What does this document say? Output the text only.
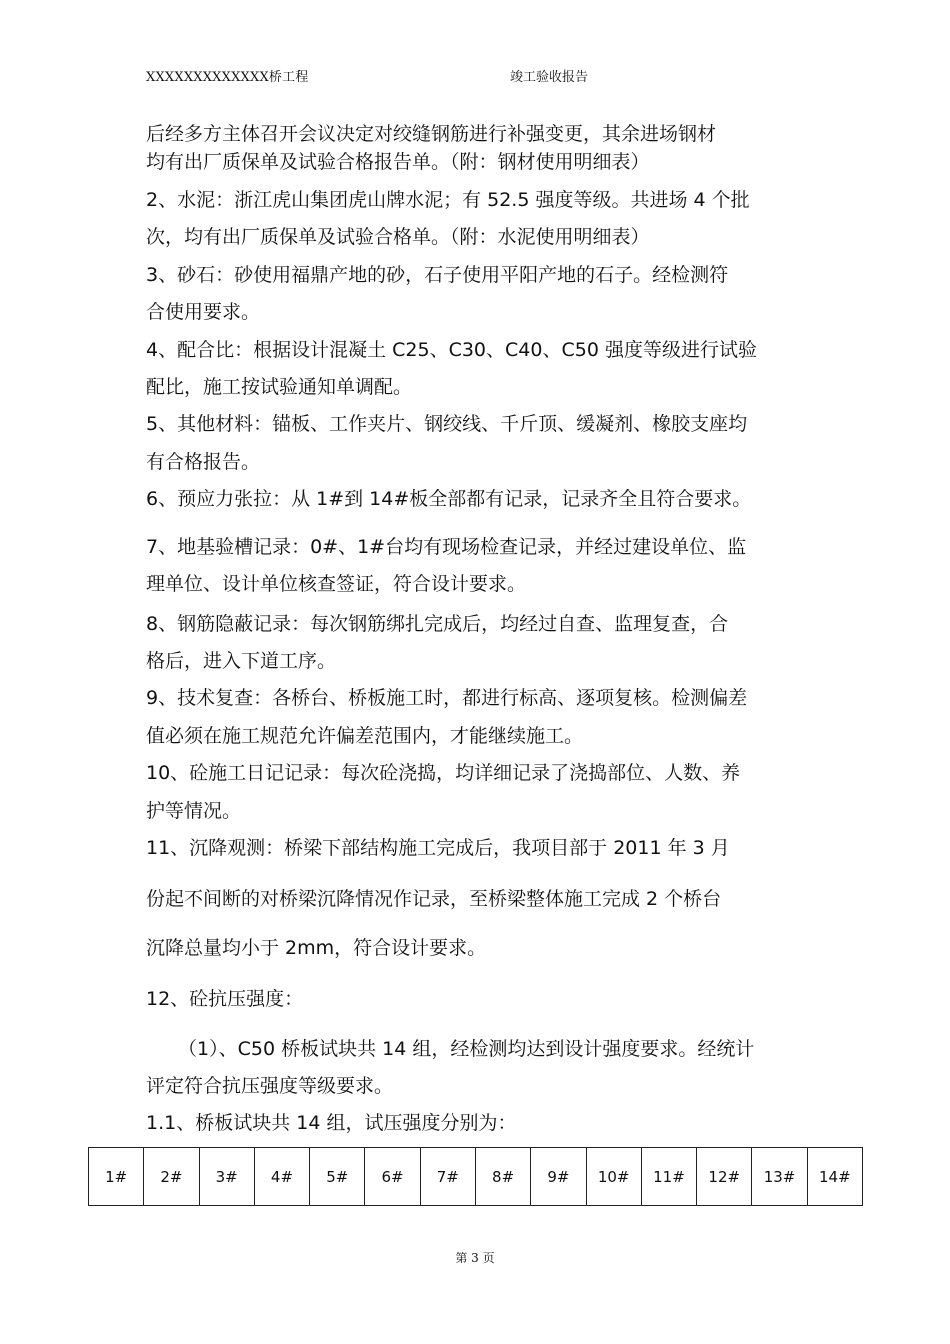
XXXXXXXXXXXXX桥工程	竣工验收报告
后经多方主体召开会议决定对绞缝钢筋进行补强变更，其余进场钢材
均有出厂质保单及试验合格报告单。（附：钢材使用明细表）
2、水泥：浙江虎山集团虎山牌水泥；有 52.5 强度等级。共进场 4 个批
次，均有出厂质保单及试验合格单。（附：水泥使用明细表）
3、砂石：砂使用福鼎产地的砂，石子使用平阳产地的石子。经检测符
合使用要求。
4、配合比：根据设计混凝土 C25、C30、C40、C50 强度等级进行试验
配比，施工按试验通知单调配。
5、其他材料：锚板、工作夹片、钢绞线、千斤顶、缓凝剂、橡胶支座均
有合格报告。
6、预应力张拉：从 1#到 14#板全部都有记录，记录齐全且符合要求。
7、地基验槽记录：0#、1#台均有现场检查记录，并经过建设单位、监
理单位、设计单位核查签证，符合设计要求。
8、钢筋隐蔽记录：每次钢筋绑扎完成后，均经过自查、监理复查，合
格后，进入下道工序。
9、技术复查：各桥台、桥板施工时，都进行标高、逐项复核。检测偏差
值必须在施工规范允许偏差范围内，才能继续施工。
10、砼施工日记记录：每次砼浇捣，均详细记录了浇捣部位、人数、养
护等情况。
11、沉降观测：桥梁下部结构施工完成后，我项目部于 2011 年 3 月
份起不间断的对桥梁沉降情况作记录，至桥梁整体施工完成 2 个桥台
沉降总量均小于 2mm，符合设计要求。
12、砼抗压强度：
（1）、C50 桥板试块共 14 组，经检测均达到设计强度要求。经统计
评定符合抗压强度等级要求。
1.1、桥板试块共 14 组，试压强度分别为：
1#	2#	3#	4#	5#	6#	7#	8#	9#	10#	11#	12#	13#	14#
第 3 页
